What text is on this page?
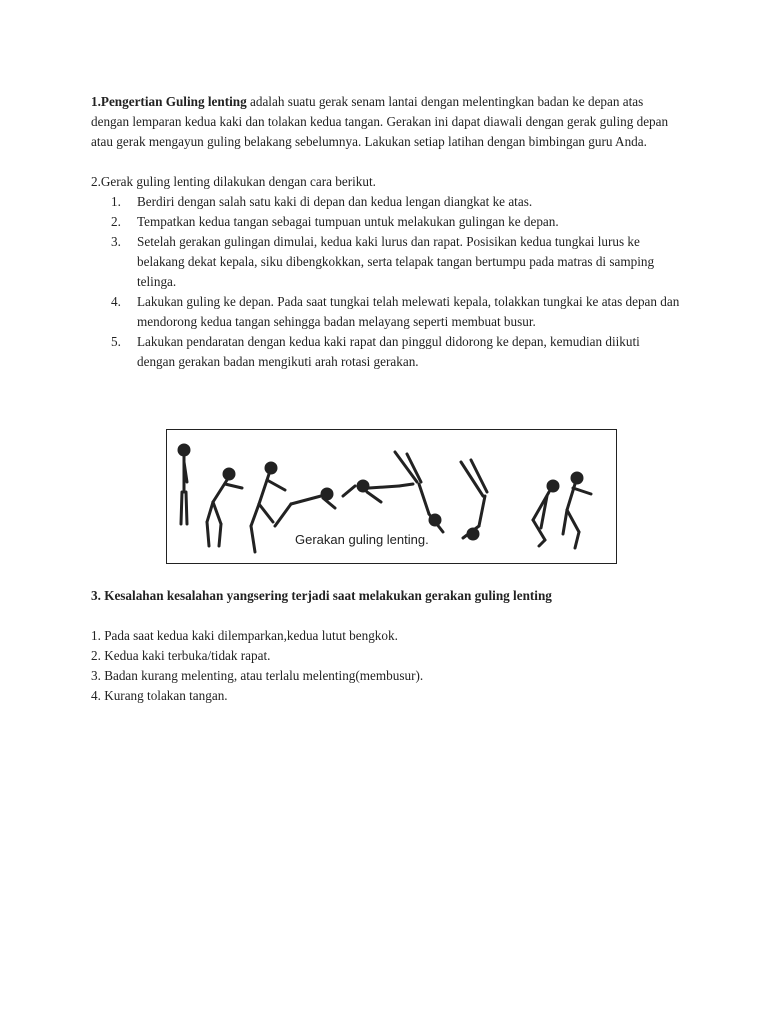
1.Pengertian Guling lenting adalah suatu gerak senam lantai dengan melentingkan badan ke depan atas dengan lemparan kedua kaki dan tolakan kedua tangan. Gerakan ini dapat diawali dengan gerak guling depan atau gerak mengayun guling belakang sebelumnya. Lakukan setiap latihan dengan bimbingan guru Anda.

2.Gerak guling lenting dilakukan dengan cara berikut.

1. Berdiri dengan salah satu kaki di depan dan kedua lengan diangkat ke atas.
2. Tempatkan kedua tangan sebagai tumpuan untuk melakukan gulingan ke depan.
3. Setelah gerakan gulingan dimulai, kedua kaki lurus dan rapat. Posisikan kedua tungkai lurus ke belakang dekat kepala, siku dibengkokkan, serta telapak tangan bertumpu pada matras di samping telinga.
4. Lakukan guling ke depan. Pada saat tungkai telah melewati kepala, tolakkan tungkai ke atas depan dan mendorong kedua tangan sehingga badan melayang seperti membuat busur.
5. Lakukan pendaratan dengan kedua kaki rapat dan pinggul didorong ke depan, kemudian diikuti dengan gerakan badan mengikuti arah rotasi gerakan.
Gerakan guling lenting.

3. Kesalahan kesalahan yangsering terjadi saat melakukan gerakan guling lenting

1. Pada saat kedua kaki dilemparkan,kedua lutut bengkok.
2. Kedua kaki terbuka/tidak rapat.
3. Badan kurang melenting, atau terlalu melenting(membusur).
4. Kurang tolakan tangan.
